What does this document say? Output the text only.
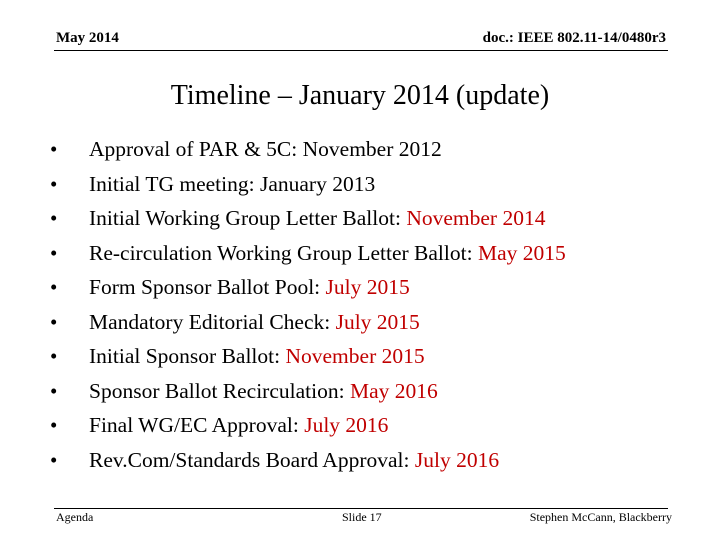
May 2014	doc.: IEEE 802.11-14/0480r3
Timeline – January 2014 (update)
• Approval of PAR & 5C: November 2012
• Initial TG meeting: January 2013
• Initial Working Group Letter Ballot: November 2014
• Re-circulation Working Group Letter Ballot: May 2015
• Form Sponsor Ballot Pool: July 2015
• Mandatory Editorial Check: July 2015
• Initial Sponsor Ballot: November 2015
• Sponsor Ballot Recirculation: May 2016
• Final WG/EC Approval: July 2016
• Rev.Com/Standards Board Approval: July 2016
Agenda	Slide 17	Stephen McCann, Blackberry
